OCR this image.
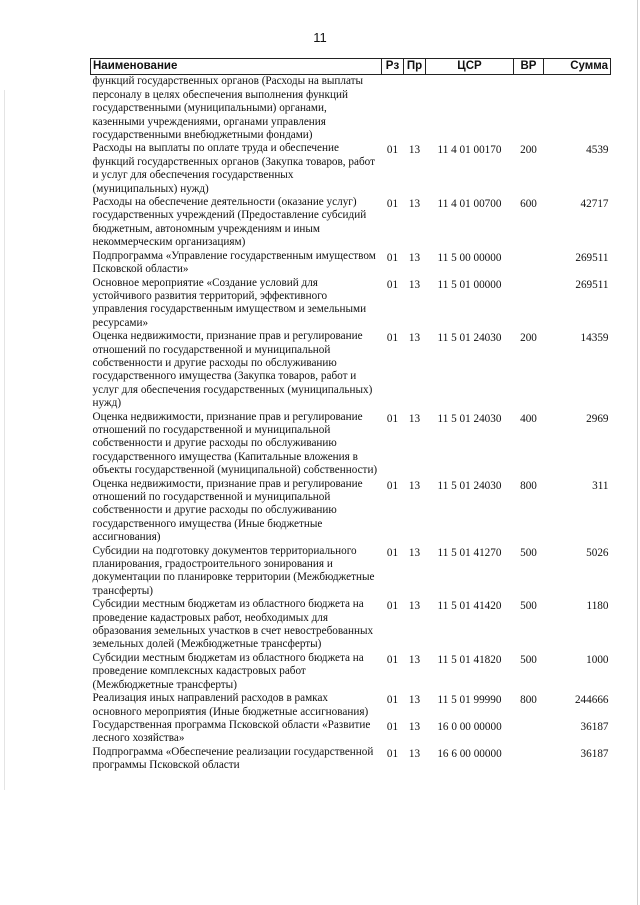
11
Наименование	Рз	Пр	ЦСР	ВР	Сумма
функций государственных органов (Расходы на выплаты персоналу в целях обеспечения выполнения функций государственными (муниципальными) органами, казенными учреждениями, органами управления государственными внебюджетными фондами)					
Расходы на выплаты по оплате труда и обеспечение функций государственных органов (Закупка товаров, работ и услуг для обеспечения государственных (муниципальных) нужд)	01	13	11 4 01 00170	200	4539
Расходы на обеспечение деятельности (оказание услуг) государственных учреждений (Предоставление субсидий бюджетным, автономным учреждениям и иным некоммерческим организациям)	01	13	11 4 01 00700	600	42717
Подпрограмма «Управление государственным имуществом Псковской области»	01	13	11 5 00 00000		269511
Основное мероприятие «Создание условий для устойчивого развития территорий, эффективного управления государственным имуществом и земельными ресурсами»	01	13	11 5 01 00000		269511
Оценка недвижимости, признание прав и регулирование отношений по государственной и муниципальной собственности и другие расходы по обслуживанию государственного имущества (Закупка товаров, работ и услуг для обеспечения государственных (муниципальных) нужд)	01	13	11 5 01 24030	200	14359
Оценка недвижимости, признание прав и регулирование отношений по государственной и муниципальной собственности и другие расходы по обслуживанию государственного имущества (Капитальные вложения в объекты государственной (муниципальной) собственности)	01	13	11 5 01 24030	400	2969
Оценка недвижимости, признание прав и регулирование отношений по государственной и муниципальной собственности и другие расходы по обслуживанию государственного имущества (Иные бюджетные ассигнования)	01	13	11 5 01 24030	800	311
Субсидии на подготовку документов территориального планирования, градостроительного зонирования и документации по планировке территории (Межбюджетные трансферты)	01	13	11 5 01 41270	500	5026
Субсидии местным бюджетам из областного бюджета на проведение кадастровых работ, необходимых для образования земельных участков в счет невостребованных земельных долей (Межбюджетные трансферты)	01	13	11 5 01 41420	500	1180
Субсидии местным бюджетам из областного бюджета на проведение комплексных кадастровых работ (Межбюджетные трансферты)	01	13	11 5 01 41820	500	1000
Реализация иных направлений расходов в рамках основного мероприятия (Иные бюджетные ассигнования)	01	13	11 5 01 99990	800	244666
Государственная программа Псковской области «Развитие лесного хозяйства»	01	13	16 0 00 00000		36187
Подпрограмма «Обеспечение реализации государственной программы Псковской области	01	13	16 6 00 00000		36187
